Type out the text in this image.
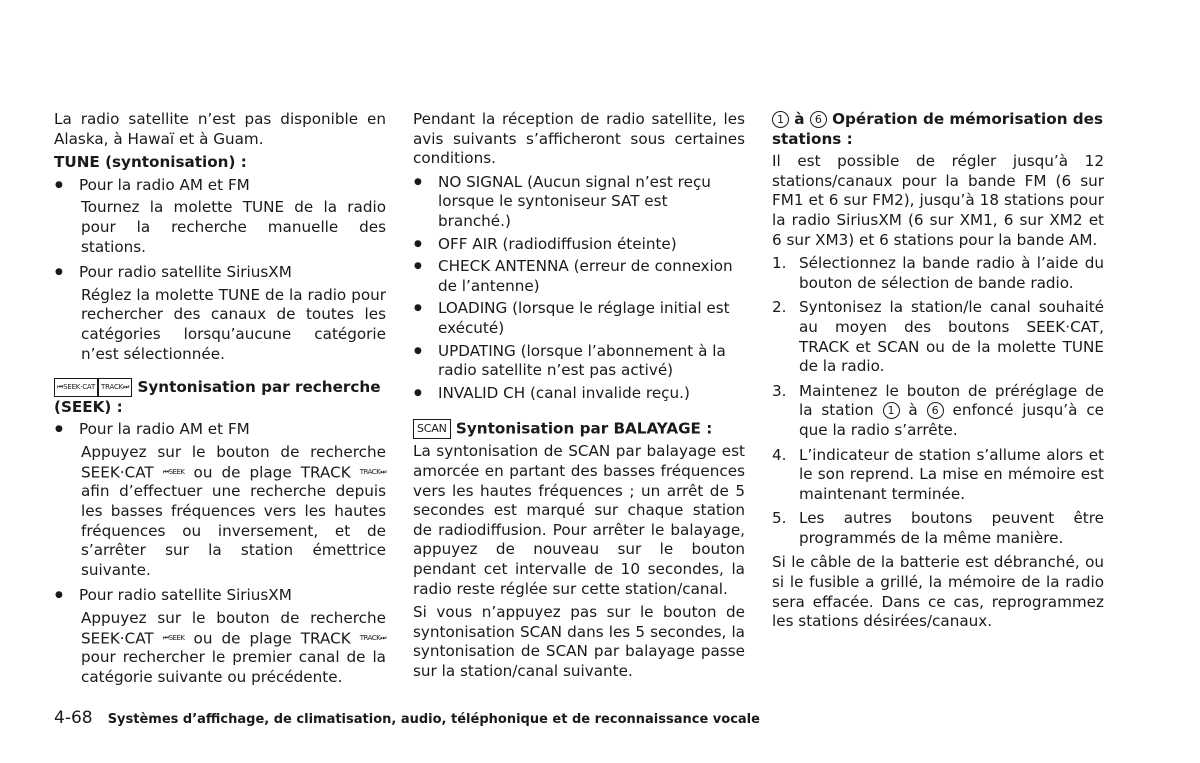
La radio satellite n’est pas disponible en Alaska, à Hawaï et à Guam.

TUNE (syntonisation) :
● Pour la radio AM et FM

Tournez la molette TUNE de la radio pour la recherche manuelle des stations.

● Pour radio satellite SiriusXM

Réglez la molette TUNE de la radio pour rechercher des canaux de toutes les catégories lorsqu’aucune catégorie n’est sélectionnée.

⏮SEEK·CAT TRACK⏭ Syntonisation par recherche (SEEK) :
● Pour la radio AM et FM

Appuyez sur le bouton de recherche SEEK·CAT ⏮SEEK ou de plage TRACK TRACK⏭ afin d’effectuer une recherche depuis les basses fréquences vers les hautes fréquences ou inversement, et de s’arrêter sur la station émettrice suivante.

● Pour radio satellite SiriusXM

Appuyez sur le bouton de recherche SEEK·CAT ⏮SEEK ou de plage TRACK TRACK⏭ pour rechercher le premier canal de la catégorie suivante ou précédente.

Pendant la réception de radio satellite, les avis suivants s’afficheront sous certaines conditions.

● NO SIGNAL (Aucun signal n’est reçu lorsque le syntoniseur SAT est branché.)
● OFF AIR (radiodiffusion éteinte)
● CHECK ANTENNA (erreur de connexion de l’antenne)
● LOADING (lorsque le réglage initial est exécuté)
● UPDATING (lorsque l’abonnement à la radio satellite n’est pas activé)
● INVALID CH (canal invalide reçu.)
SCAN Syntonisation par BALAYAGE :

La syntonisation de SCAN par balayage est amorcée en partant des basses fréquences vers les hautes fréquences ; un arrêt de 5 secondes est marqué sur chaque station de radiodiffusion. Pour arrêter le balayage, appuyez de nouveau sur le bouton pendant cet intervalle de 10 secondes, la radio reste réglée sur cette station/canal.

Si vous n’appuyez pas sur le bouton de syntonisation SCAN dans les 5 secondes, la syntonisation de SCAN par balayage passe sur la station/canal suivante.

1 à 6 Opération de mémorisation des stations :

Il est possible de régler jusqu’à 12 stations/canaux pour la bande FM (6 sur FM1 et 6 sur FM2), jusqu’à 18 stations pour la radio SiriusXM (6 sur XM1, 6 sur XM2 et 6 sur XM3) et 6 stations pour la bande AM.

1. Sélectionnez la bande radio à l’aide du bouton de sélection de bande radio.
2. Syntonisez la station/le canal souhaité au moyen des boutons SEEK·CAT, TRACK et SCAN ou de la molette TUNE de la radio.
3. Maintenez le bouton de préréglage de la station 1 à 6 enfoncé jusqu’à ce que la radio s’arrête.
4. L’indicateur de station s’allume alors et le son reprend. La mise en mémoire est maintenant terminée.
5. Les autres boutons peuvent être programmés de la même manière.

Si le câble de la batterie est débranché, ou si le fusible a grillé, la mémoire de la radio sera effacée. Dans ce cas, reprogrammez les stations désirées/canaux.

4-68 Systèmes d’affichage, de climatisation, audio, téléphonique et de reconnaissance vocale
